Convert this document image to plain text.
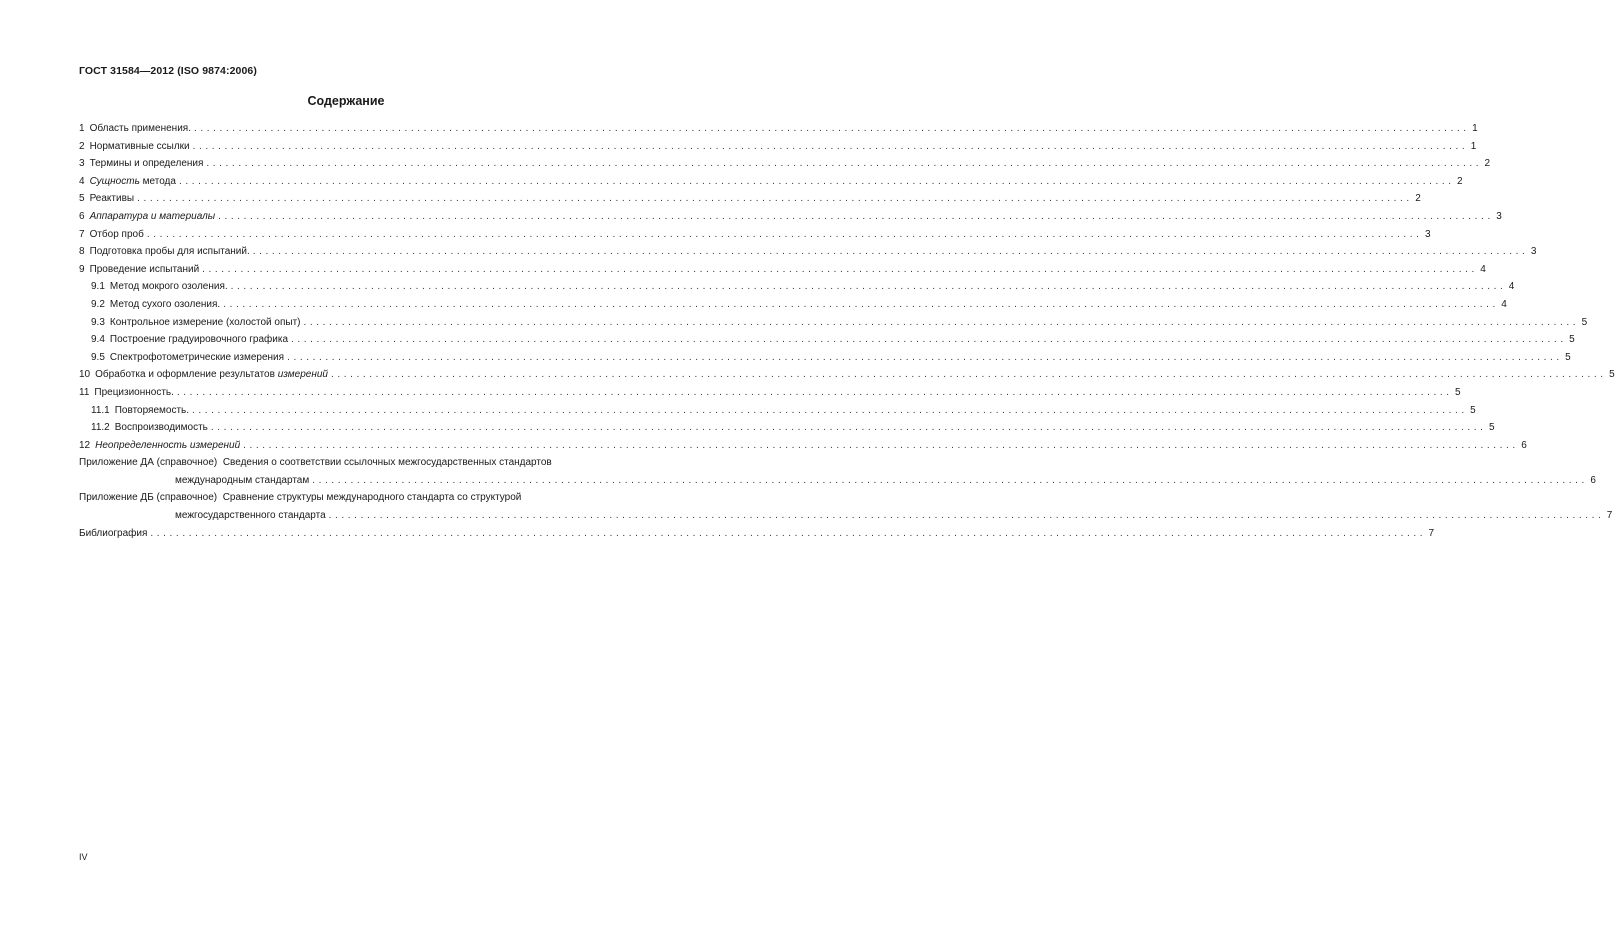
ГОСТ 31584—2012 (ISO 9874:2006)
Содержание
1 Область применения. ........................................................................................................................................................................................................ 1
2 Нормативные ссылки ........................................................................................................................................................................................................ 1
3 Термины и определения ........................................................................................................................................................................................................ 2
4 Сущность метода ........................................................................................................................................................................................................ 2
5 Реактивы ........................................................................................................................................................................................................ 2
6 Аппаратура и материалы ........................................................................................................................................................................................................ 3
7 Отбор проб ........................................................................................................................................................................................................ 3
8 Подготовка пробы для испытаний. ........................................................................................................................................................................................................ 3
9 Проведение испытаний ........................................................................................................................................................................................................ 4
9.1 Метод мокрого озоления. ........................................................................................................................................................................................................ 4
9.2 Метод сухого озоления. ........................................................................................................................................................................................................ 4
9.3 Контрольное измерение (холостой опыт) ........................................................................................................................................................................................................ 5
9.4 Построение градуировочного графика ........................................................................................................................................................................................................ 5
9.5 Спектрофотометрические измерения ........................................................................................................................................................................................................ 5
10 Обработка и оформление результатов измерений ........................................................................................................................................................................................................ 5
11 Прецизионность. ........................................................................................................................................................................................................ 5
11.1 Повторяемость. ........................................................................................................................................................................................................ 5
11.2 Воспроизводимость ........................................................................................................................................................................................................ 5
12 Неопределенность измерений ........................................................................................................................................................................................................ 6
Приложение ДА (справочное) Сведения о соответствии ссылочных межгосударственных стандартов
международным стандартам ........................................................................................................................................................................................................ 6
Приложение ДБ (справочное) Сравнение структуры международного стандарта со структурой
межгосударственного стандарта ........................................................................................................................................................................................................ 7
Библиография ........................................................................................................................................................................................................ 7
IV
